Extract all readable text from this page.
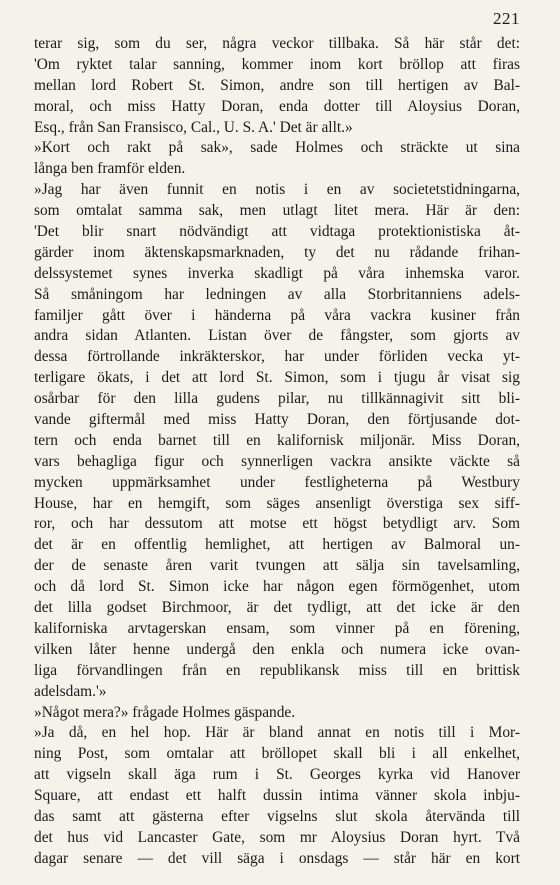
221
terar sig, som du ser, några veckor tillbaka. Så här står det:
'Om ryktet talar sanning, kommer inom kort bröllop att firas
mellan lord Robert St. Simon, andre son till hertigen av Bal-
moral, och miss Hatty Doran, enda dotter till Aloysius Doran,
Esq., från San Fransisco, Cal., U. S. A.' Det är allt.»
»Kort och rakt på sak», sade Holmes och sträckte ut sina
långa ben framför elden.
»Jag har även funnit en notis i en av societetstidningarna,
som omtalat samma sak, men utlagt litet mera. Här är den:
'Det blir snart nödvändigt att vidtaga protektionistiska åt-
gärder inom äktenskapsmarknaden, ty det nu rådande frihan-
delssystemet synes inverka skadligt på våra inhemska varor.
Så småningom har ledningen av alla Storbritanniens adels-
familjer gått över i händerna på våra vackra kusiner från
andra sidan Atlanten. Listan över de fångster, som gjorts av
dessa förtrollande inkräkterskor, har under förliden vecka yt-
terligare ökats, i det att lord St. Simon, som i tjugu år visat sig
osårbar för den lilla gudens pilar, nu tillkännagivit sitt bli-
vande giftermål med miss Hatty Doran, den förtjusande dot-
tern och enda barnet till en kalifornisk miljonär. Miss Doran,
vars behagliga figur och synnerligen vackra ansikte väckte så
mycken uppmärksamhet under festligheterna på Westbury
House, har en hemgift, som säges ansenligt överstiga sex siff-
ror, och har dessutom att motse ett högst betydligt arv. Som
det är en offentlig hemlighet, att hertigen av Balmoral un-
der de senaste åren varit tvungen att sälja sin tavelsamling,
och då lord St. Simon icke har någon egen förmögenhet, utom
det lilla godset Birchmoor, är det tydligt, att det icke är den
kaliforniska arvtagerskan ensam, som vinner på en förening,
vilken låter henne undergå den enkla och numera icke ovan-
liga förvandlingen från en republikansk miss till en brittisk
adelsdam.'»
»Något mera?» frågade Holmes gäspande.
»Ja då, en hel hop. Här är bland annat en notis till i Mor-
ning Post, som omtalar att bröllopet skall bli i all enkelhet,
att vigseln skall äga rum i St. Georges kyrka vid Hanover
Square, att endast ett halft dussin intima vänner skola inbju-
das samt att gästerna efter vigselns slut skola återvända till
det hus vid Lancaster Gate, som mr Aloysius Doran hyrt. Två
dagar senare — det vill säga i onsdags — står här en kort
